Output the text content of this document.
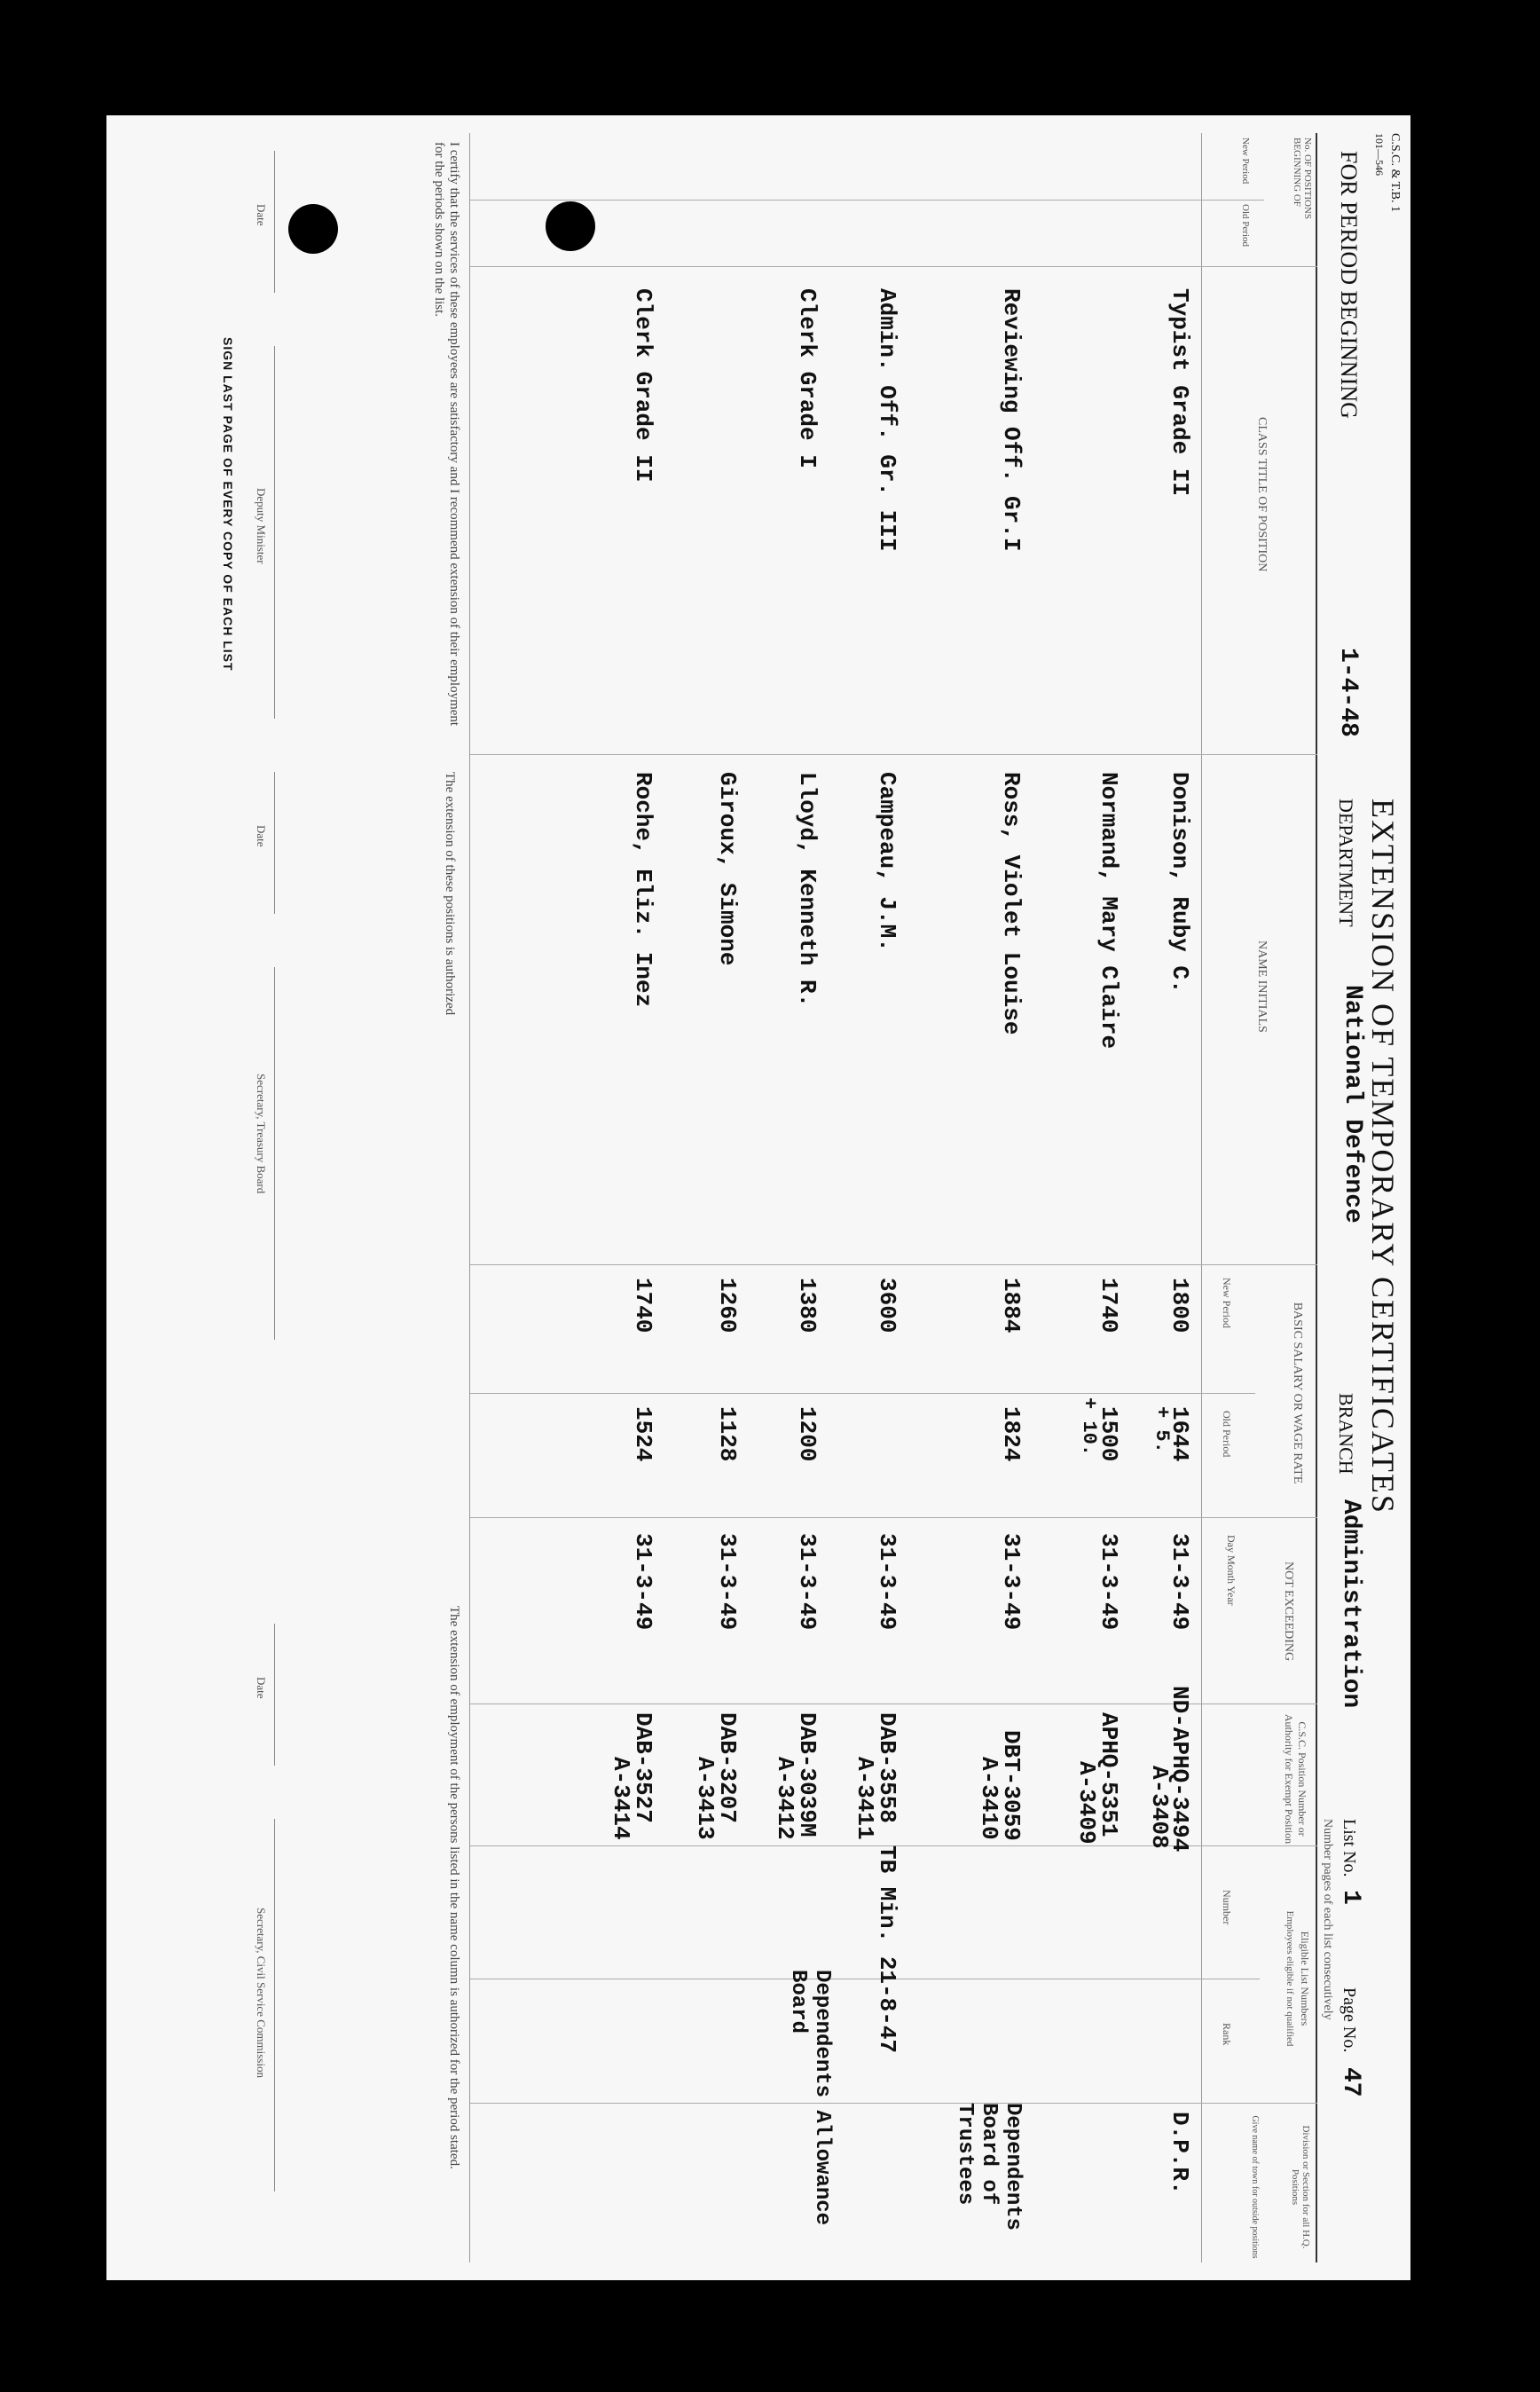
C.S.C. & T.B. 1
101—546
EXTENSION OF TEMPORARY CERTIFICATES
FOR PERIOD BEGINNING
1-4-48
DEPARTMENT
National Defence
BRANCH
Administration
List No.
1
Page No.
47
Number pages of each list consecutively
No. OF POSITIONS BEGINNING OF
New Period
Old Period
CLASS TITLE OF POSITION
NAME INITIALS
BASIC SALARY OR WAGE RATE
New Period
Old Period
NOT EXCEEDING
Day Month Year
C.S.C. Position Number or Authority for Exempt Position
Eligible List Numbers
Employees eligible if not qualified
Number
Rank
Division or Section for all H.Q. Positions
Give name of town for outside positions
Typist Grade II
Donison, Ruby C.
1800
1644
+ 5.
31-3-49
ND-APHQ-3494
A-3408
D.P.R.
Normand, Mary Claire
1740
1500
+ 10.
31-3-49
APHQ-5351
A-3409
Reviewing Off. Gr.I
Ross, Violet Louise
1884
1824
31-3-49
DBT-3059
A-3410
Dependents Board of Trustees
Admin. Off. Gr. III
Campeau, J.M.
3600
31-3-49
DAB-3558
A-3411
TB Min. 21-8-47
Clerk Grade I
Lloyd, Kenneth R.
1380
1200
31-3-49
DAB-3039M
A-3412
Dependents Allowance Board
Giroux, Simone
1260
1128
31-3-49
DAB-3207
A-3413
Clerk Grade II
Roche, Eliz. Inez
1740
1524
31-3-49
DAB-3527
A-3414
I certify that the services of these employees are satisfactory and I recommend extension of their employment for the periods shown on the list.
The extension of these positions is authorized
The extension of employment of the persons listed in the name column is authorized for the period stated.
Date
Deputy Minister
Date
Secretary, Treasury Board
Date
Secretary, Civil Service Commission
SIGN LAST PAGE OF EVERY COPY OF EACH LIST
